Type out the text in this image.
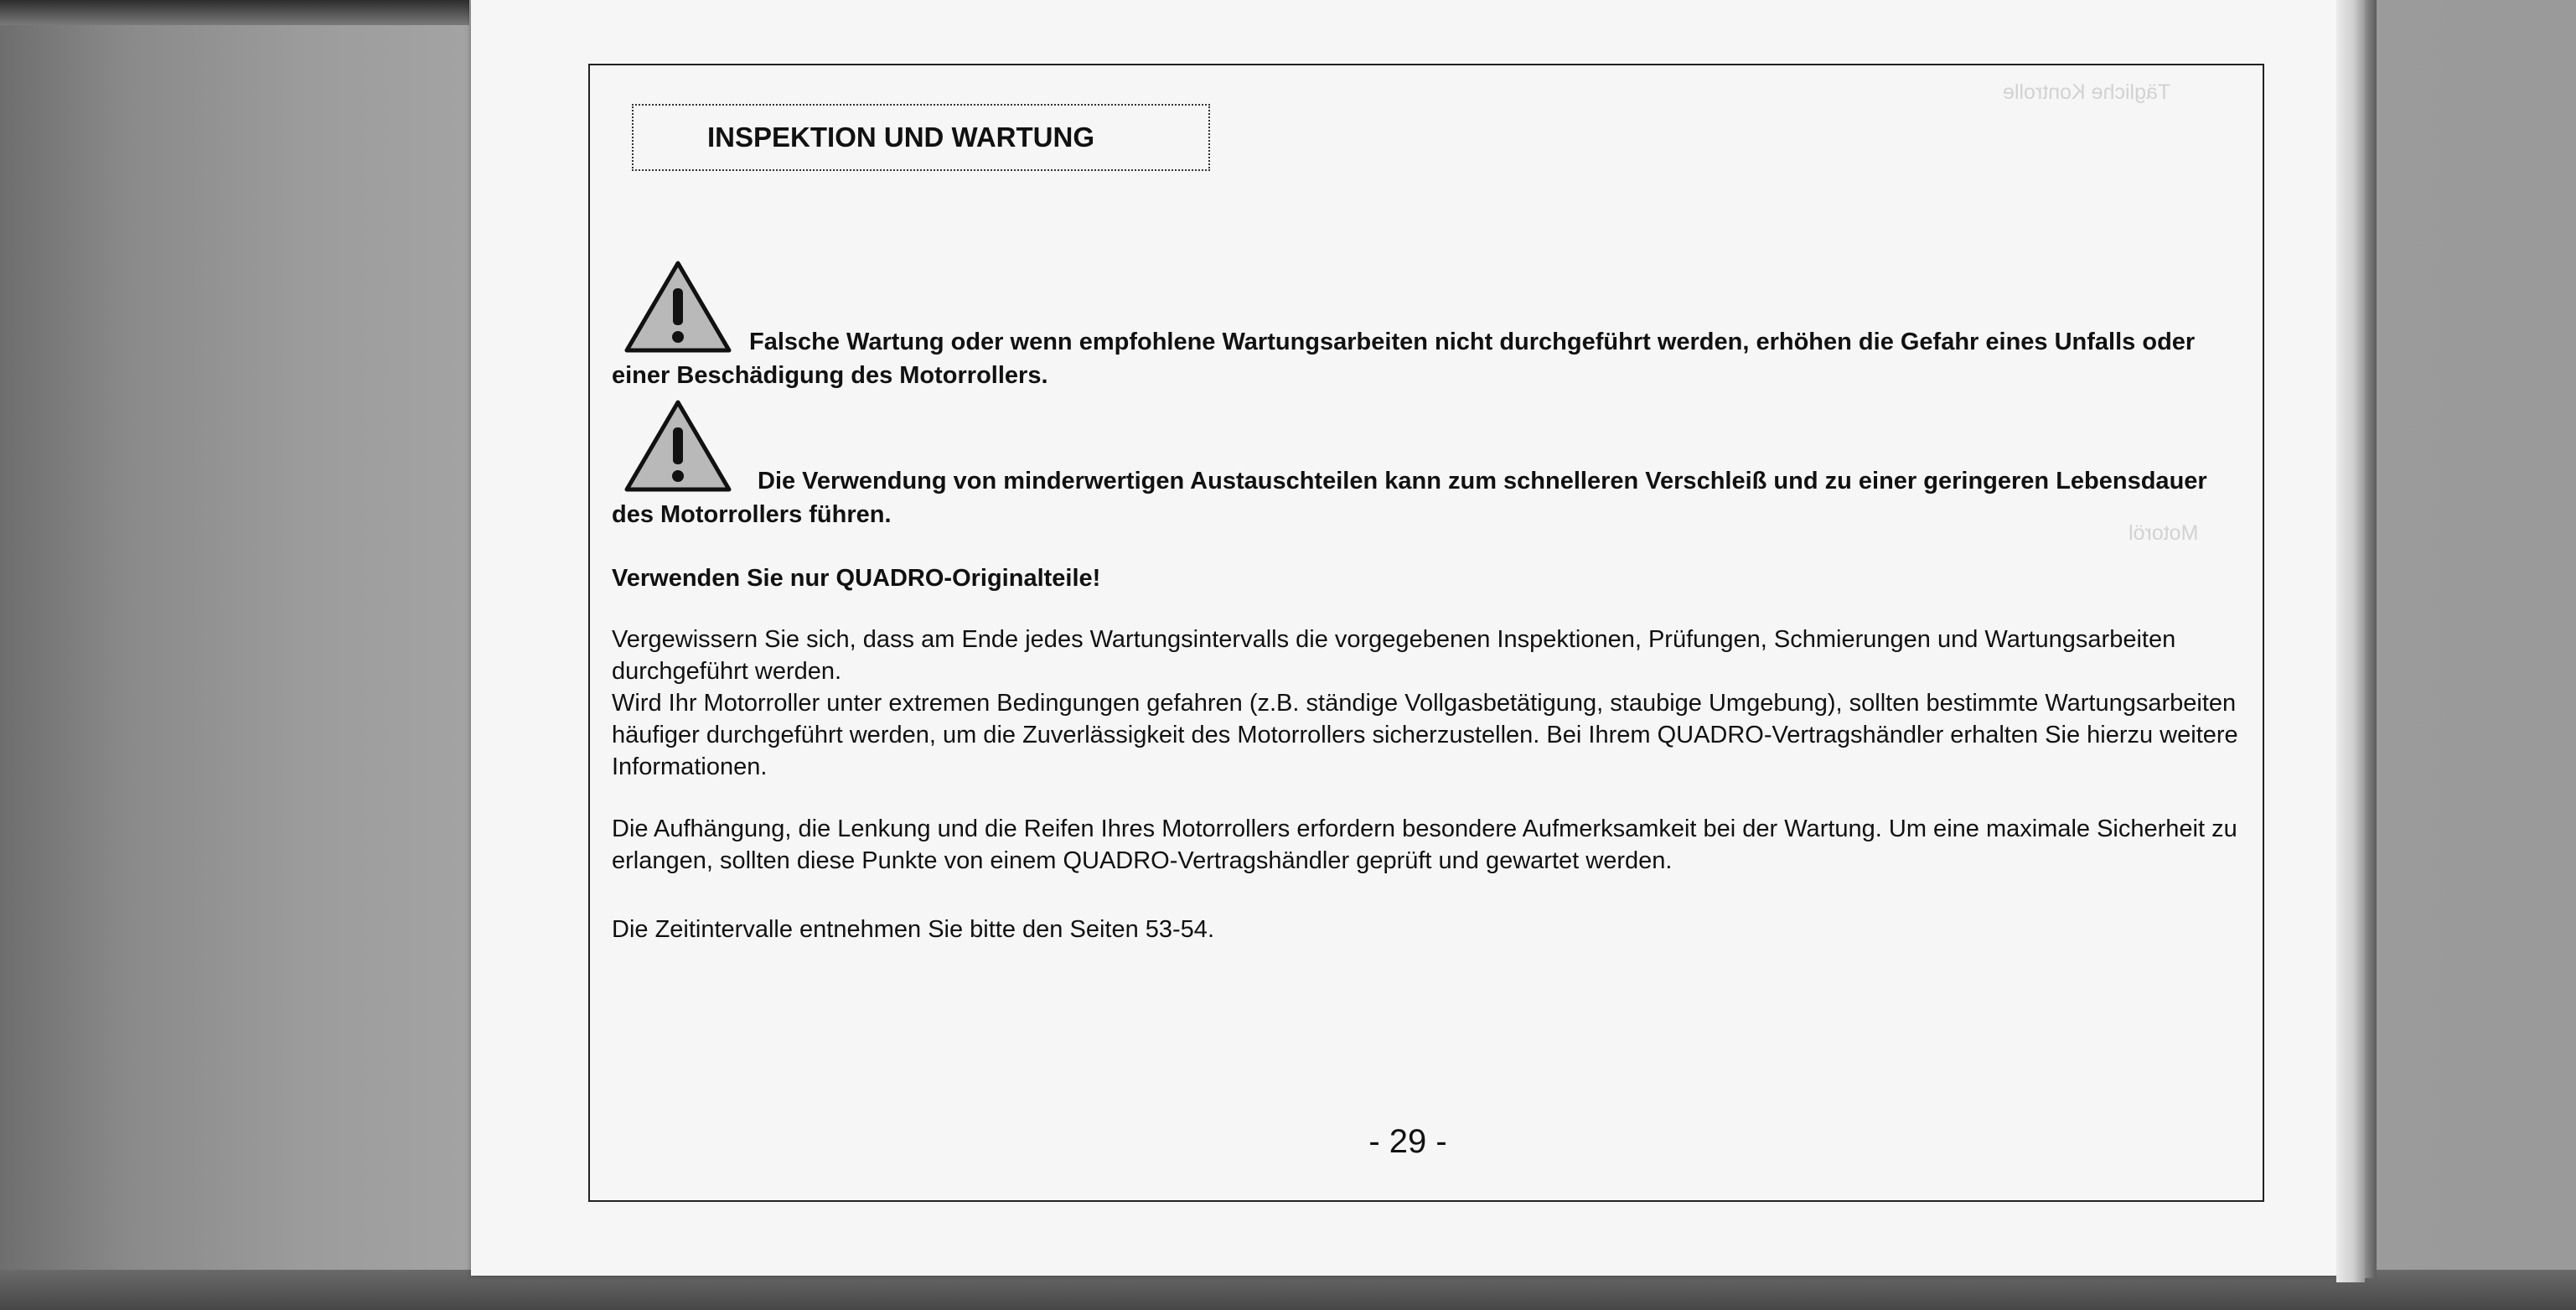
Tägliche Kontrolle
Motoröl
INSPEKTION UND WARTUNG
Falsche Wartung oder wenn empfohlene Wartungsarbeiten nicht durchgeführt werden, erhöhen die Gefahr eines Unfalls oder einer Beschädigung des Motorrollers.
Die Verwendung von minderwertigen Austauschteilen kann zum schnelleren Verschleiß und zu einer geringeren Lebensdauer des Motorrollers führen.
Verwenden Sie nur QUADRO-Originalteile!
Vergewissern Sie sich, dass am Ende jedes Wartungsintervalls die vorgegebenen Inspektionen, Prüfungen, Schmierungen und Wartungsarbeiten durchgeführt werden.
Wird Ihr Motorroller unter extremen Bedingungen gefahren (z.B. ständige Vollgasbetätigung, staubige Umgebung), sollten bestimmte Wartungsarbeiten häufiger durchgeführt werden, um die Zuverlässigkeit des Motorrollers sicherzustellen. Bei Ihrem QUADRO-Vertragshändler erhalten Sie hierzu weitere Informationen.
Die Aufhängung, die Lenkung und die Reifen Ihres Motorrollers erfordern besondere Aufmerksamkeit bei der Wartung. Um eine maximale Sicherheit zu erlangen, sollten diese Punkte von einem QUADRO-Vertragshändler geprüft und gewartet werden.
Die Zeitintervalle entnehmen Sie bitte den Seiten 53-54.
- 29 -
